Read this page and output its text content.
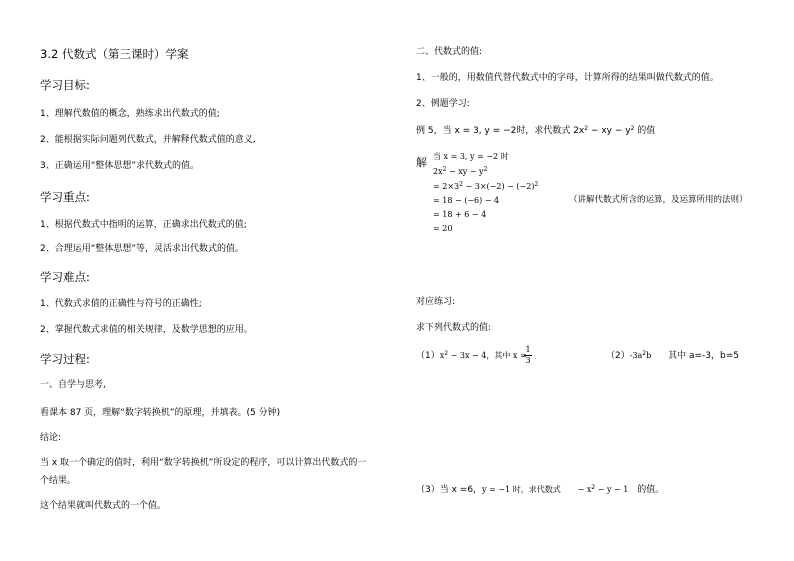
3.2 代数式（第三课时）学案
学习目标:
1、理解代数值的概念，熟练求出代数式的值;
2、能根据实际问题列代数式，并解释代数式值的意义,
3、正确运用“整体思想”求代数式的值。
学习重点:
1、根据代数式中指明的运算，正确求出代数式的值;
2、合理运用“整体思想”等，灵活求出代数式的值。
学习难点:
1、代数式求值的正确性与符号的正确性;
2、掌握代数式求值的相关规律，及数学思想的应用。
学习过程:
一、自学与思考,
看课本 87 页，理解“数字转换机”的原理，并填表。(5 分钟)
结论:
当 x 取一个确定的值时，利用“数字转换机”所设定的程序，可以计算出代数式的一
个结果。
这个结果就叫代数式的一个值。
二、代数式的值:
1、一般的，用数值代替代数式中的字母，计算所得的结果叫做代数式的值。
2、例题学习:
例 5，当 x = 3, y = −2时，求代数式 $2x^2$ − xy − $y^2$ 的值
解 当 x = 3, y = −2 时
$2x^2$ − xy − $y^2$
= $2\times 3^2 - 3\times(-2) - (-2)^2$
= 18 − (−6) − 4
= 18 + 6 − 4
= 20
（讲解代数式所含的运算，及运算所用的法则）
对应练习:
求下列代数式的值:
$(1)x^2 - 3x - 4$，其中 x =
$\frac{1}{3}$	$(2)-3a^2b$ 其中 a=-3，b=5
（3）当 x =6，y = −1 时，求代数式 − $x^2 - y - 1$ 的值。
